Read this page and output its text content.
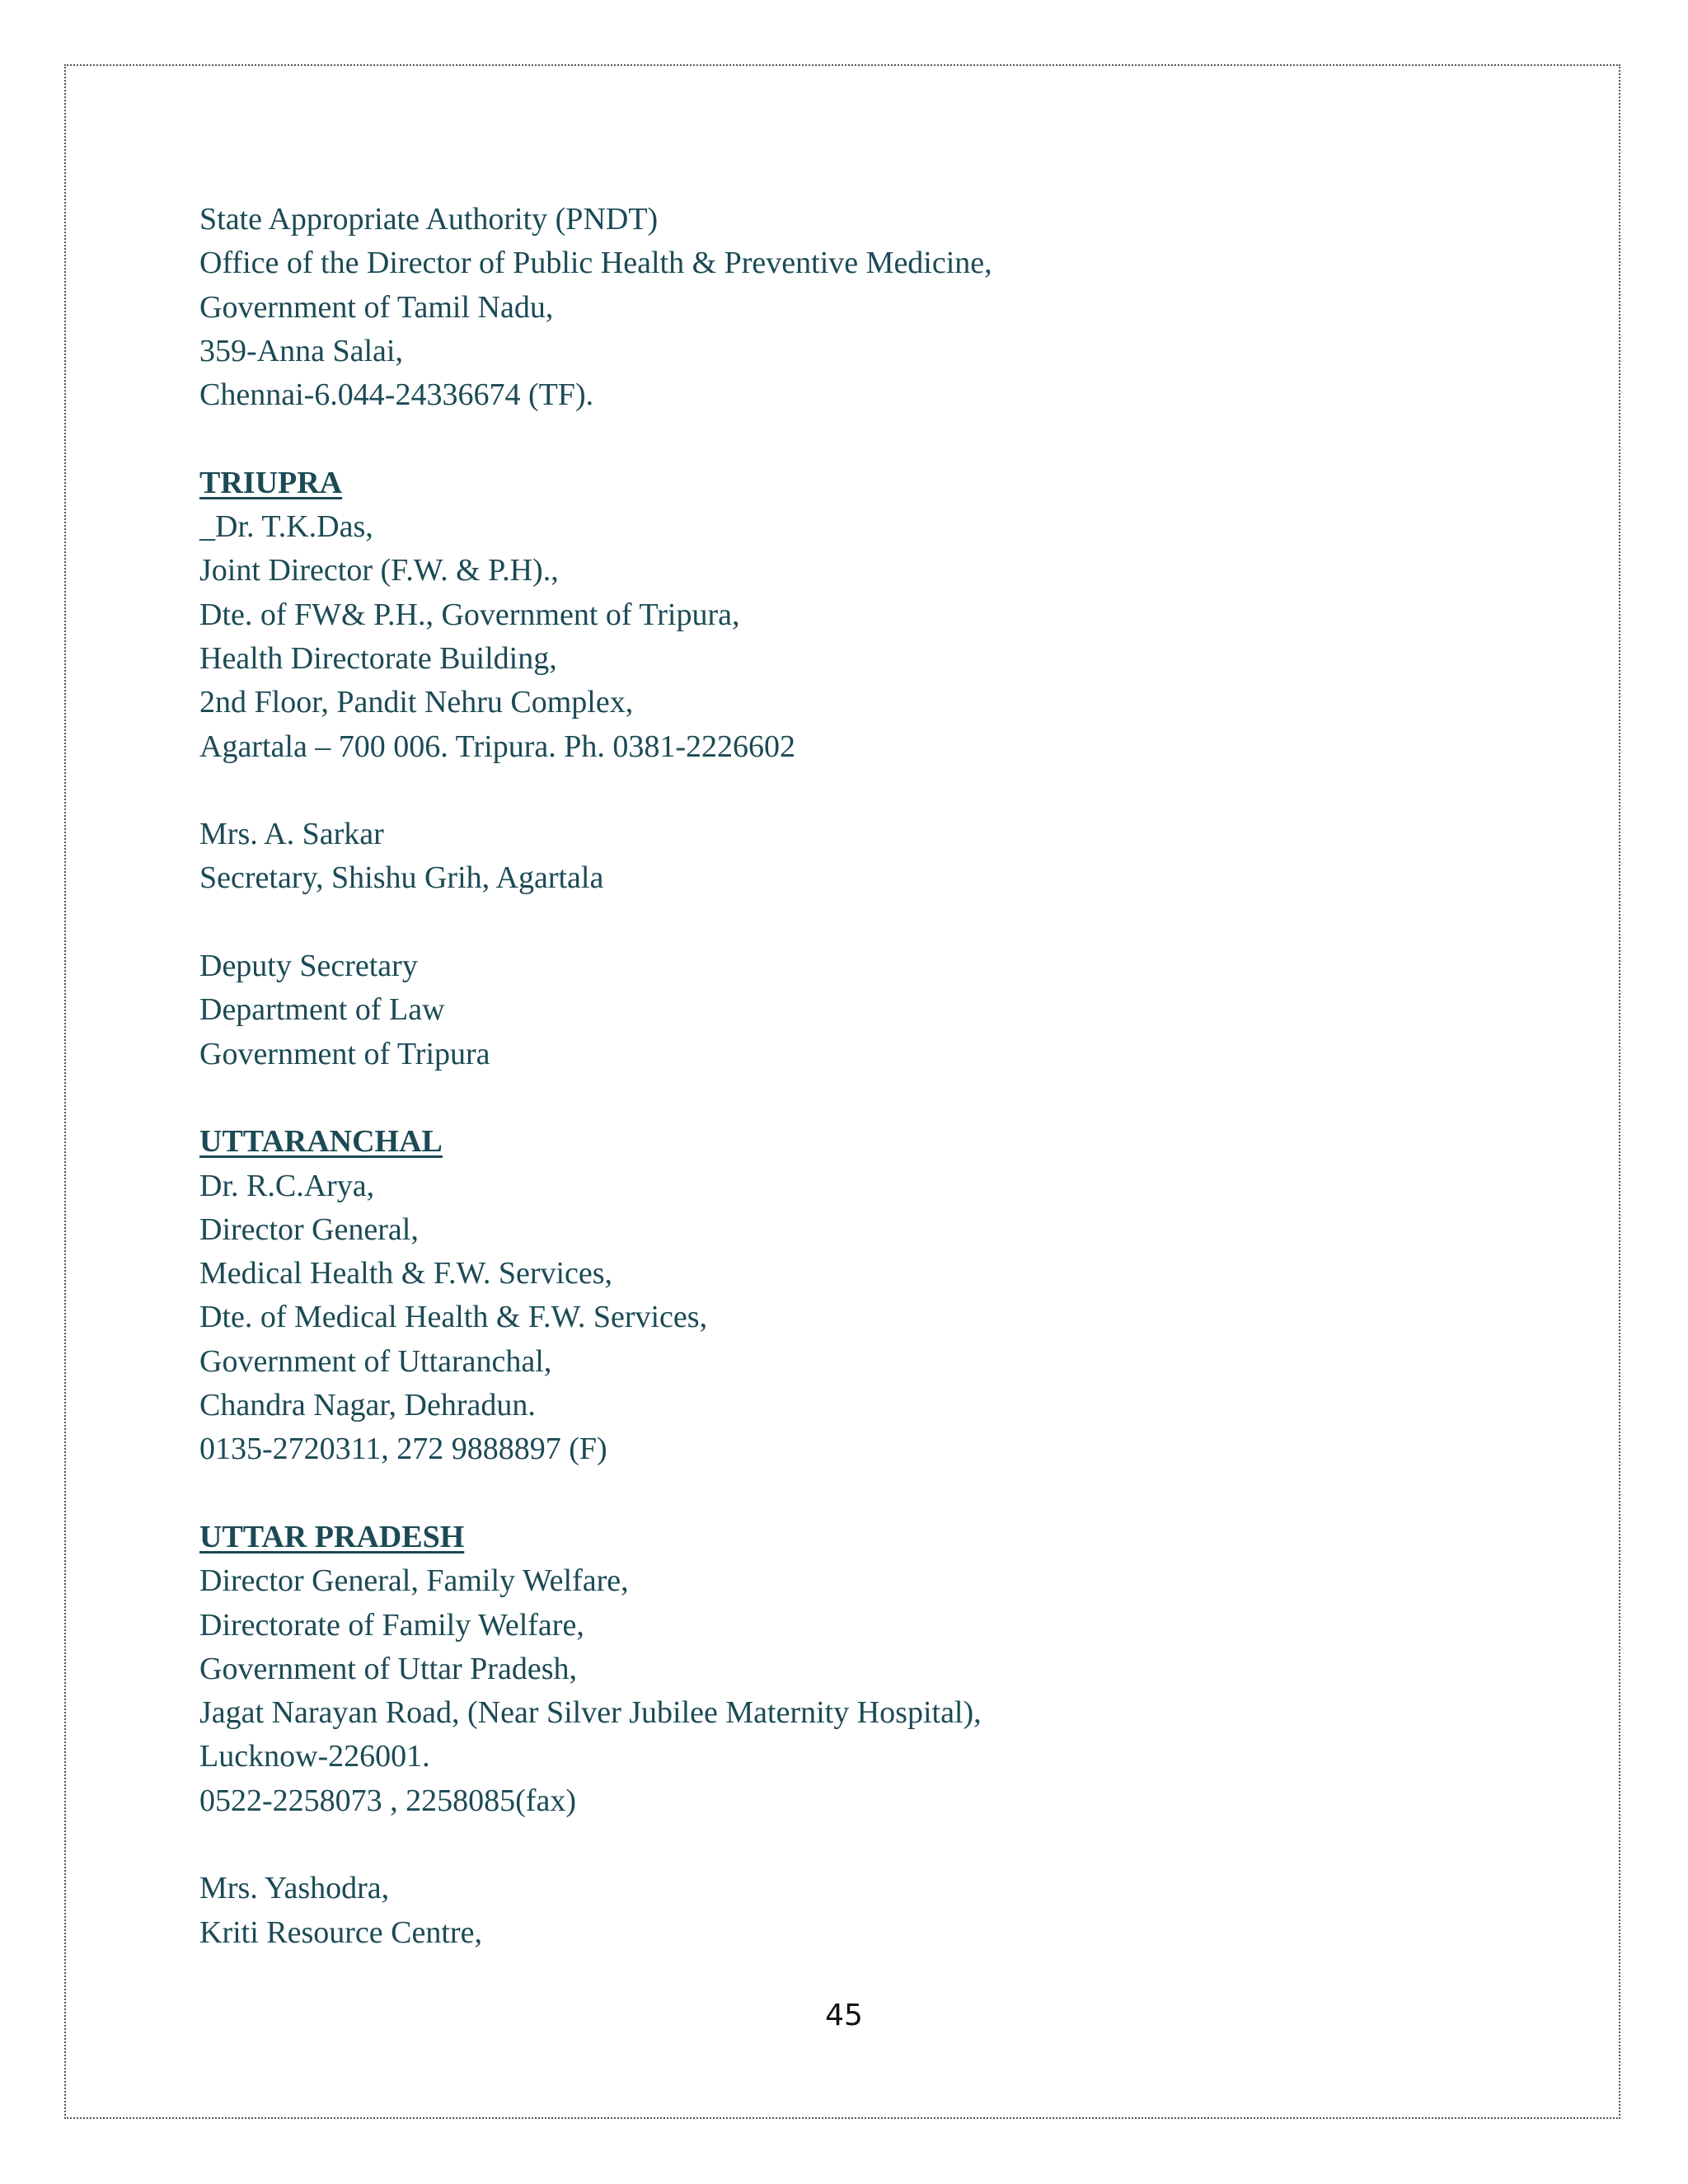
State Appropriate Authority (PNDT)
Office of the Director of Public Health & Preventive Medicine,
Government of Tamil Nadu,
359-Anna Salai,
Chennai-6.044-24336674 (TF).
TRIUPRA
_Dr. T.K.Das,
Joint Director (F.W. & P.H).,
Dte. of FW& P.H., Government of Tripura,
Health Directorate Building,
2nd Floor, Pandit Nehru Complex,
Agartala – 700 006. Tripura. Ph. 0381-2226602
Mrs. A. Sarkar
Secretary, Shishu Grih, Agartala
Deputy Secretary
Department of Law
Government of Tripura
UTTARANCHAL
Dr. R.C.Arya,
Director General,
Medical Health & F.W. Services,
Dte. of Medical Health & F.W. Services,
Government of Uttaranchal,
Chandra Nagar, Dehradun.
0135-2720311, 272 9888897 (F)
UTTAR PRADESH
Director General, Family Welfare,
Directorate of Family Welfare,
Government of Uttar Pradesh,
Jagat Narayan Road, (Near Silver Jubilee Maternity Hospital),
Lucknow-226001.
0522-2258073 , 2258085(fax)
Mrs. Yashodra,
Kriti Resource Centre,
45
